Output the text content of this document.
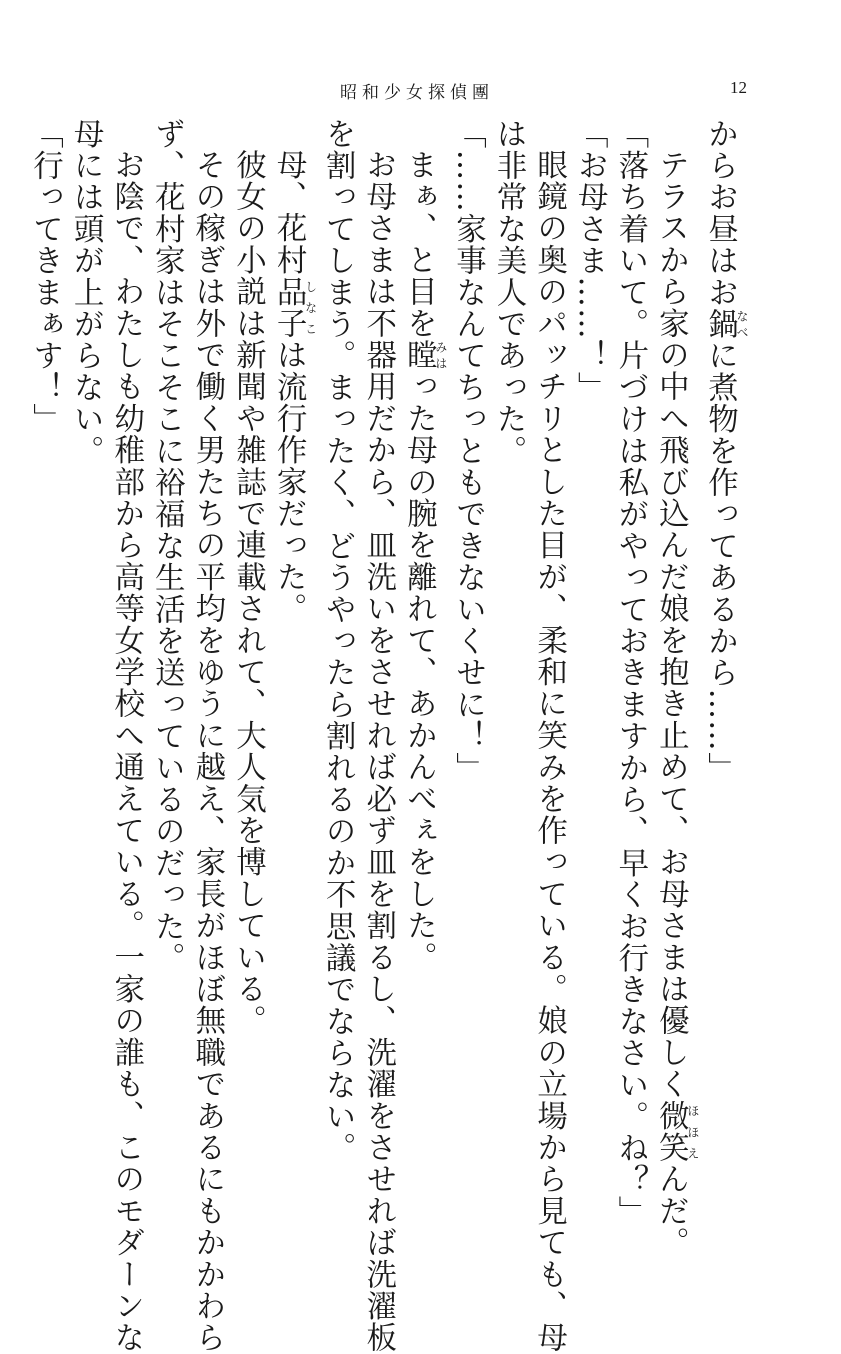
昭和少女探偵團	12
からお昼はお鍋なべに煮物を作ってあるから……」
テラスから家の中へ飛び込んだ娘を抱き止めて、お母さまは優しく微笑ほほえんだ。
「落ち着いて。片づけは私がやっておきますから、早くお行きなさい。ね？」
「お母さま……！」
眼鏡の奥のパッチリとした目が、柔和に笑みを作っている。娘の立場から見ても、母
は非常な美人であった。
「……家事なんてちっともできないくせに！」
まぁ、と目を瞠みはった母の腕を離れて、あかんべぇをした。
お母さまは不器用だから、皿洗いをさせれば必ず皿を割るし、洗濯をさせれば洗濯板
を割ってしまう。まったく、どうやったら割れるのか不思議でならない。
母、花村品子しなこは流行作家だった。
彼女の小説は新聞や雑誌で連載されて、大人気を博している。
その稼ぎは外で働く男たちの平均をゆうに越え、家長がほぼ無職であるにもかかわら
ず、花村家はそこそこに裕福な生活を送っているのだった。
お陰で、わたしも幼稚部から高等女学校へ通えている。一家の誰も、このモダーンな
母には頭が上がらない。
「行ってきまぁす！」
